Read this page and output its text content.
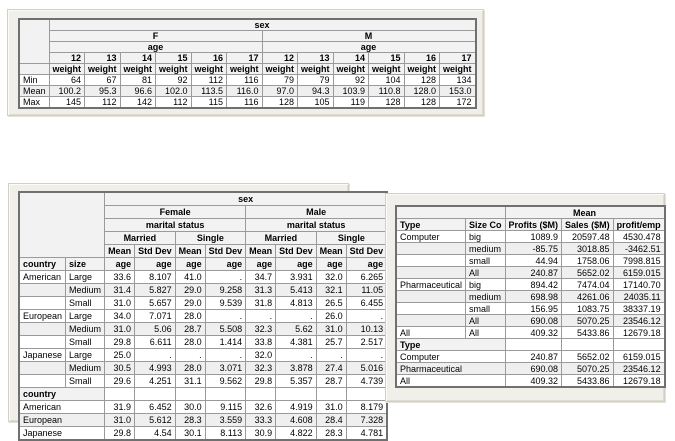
	sex											
	F						M					
	age						age					
	12	13	14	15	16	17	12	13	14	15	16	17
	weight	weight	weight	weight	weight	weight	weight	weight	weight	weight	weight	weight
Min	64	67	81	92	112	116	79	79	92	104	128	134
Mean	100.2	95.3	96.6	102.0	113.5	116.0	97.0	94.3	103.9	110.8	128.0	153.0
Max	145	112	142	112	115	116	128	105	119	128	128	172
		sex							
		Female				Male			
		marital status				marital status			
		Married		Single		Married		Single	
		Mean	Std Dev	Mean	Std Dev	Mean	Std Dev	Mean	Std Dev
country	size	age	age	age	age	age	age	age	age
American	Large	33.6	8.107	41.0	.	34.7	3.931	32.0	6.265
	Medium	31.4	5.827	29.0	9.258	31.3	5.413	32.1	11.05
	Small	31.0	5.657	29.0	9.539	31.8	4.813	26.5	6.455
European	Large	34.0	7.071	28.0	.	.	.	26.0	.
	Medium	31.0	5.06	28.7	5.508	32.3	5.62	31.0	10.13
	Small	29.8	6.611	28.0	1.414	33.8	4.381	25.7	2.517
Japanese	Large	25.0	.	.	.	32.0	.	.	.
	Medium	30.5	4.993	28.0	3.071	32.3	3.878	27.4	5.016
	Small	29.6	4.251	31.1	9.562	29.8	5.357	28.7	4.739
country									
American		31.9	6.452	30.0	9.115	32.6	4.919	31.0	8.179
European		31.0	5.612	28.3	3.559	33.3	4.608	28.4	7.328
Japanese		29.8	4.54	30.1	8.113	30.9	4.822	28.3	4.781
		Mean		
Type	Size Co	Profits ($M)	Sales ($M)	profit/emp
Computer	big	1089.9	20597.48	4530.478
	medium	-85.75	3018.85	-3462.51
	small	44.94	1758.06	7998.815
	All	240.87	5652.02	6159.015
Pharmaceutical	big	894.42	7474.04	17140.70
	medium	698.98	4261.06	24035.11
	small	156.95	1083.75	38337.19
	All	690.08	5070.25	23546.12
All	All	409.32	5433.86	12679.18
Type				
Computer		240.87	5652.02	6159.015
Pharmaceutical		690.08	5070.25	23546.12
All		409.32	5433.86	12679.18
